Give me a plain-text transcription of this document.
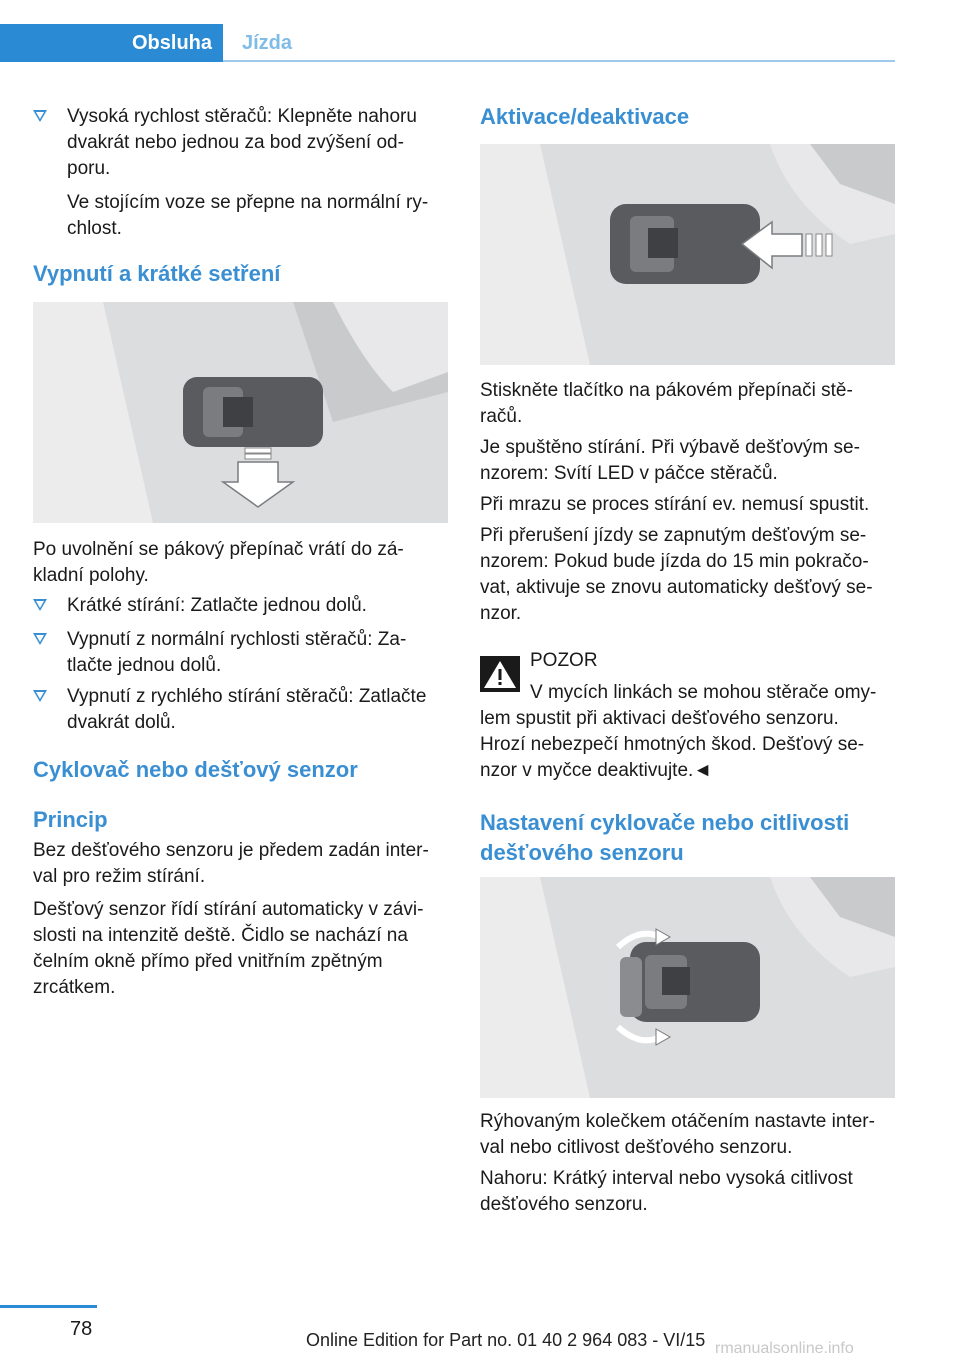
Obsluha Jízda

Vysoká rychlost stěračů: Klepněte nahoru

dvakrát nebo jednou za bod zvýšení od-

poru.

Ve stojícím voze se přepne na normální ry-

chlost.

Vypnutí a krátké setření

Po uvolnění se pákový přepínač vrátí do zá-

kladní polohy.

Krátké stírání: Zatlačte jednou dolů.

Vypnutí z normální rychlosti stěračů: Za-

tlačte jednou dolů.

Vypnutí z rychlého stírání stěračů: Zatlačte

dvakrát dolů.

Cyklovač nebo dešťový senzor
Princip

Bez dešťového senzoru je předem zadán inter-

val pro režim stírání.

Dešťový senzor řídí stírání automaticky v závi-

slosti na intenzitě deště. Čidlo se nachází na

čelním okně přímo před vnitřním zpětným

zrcátkem.

Aktivace/deaktivace

Stiskněte tlačítko na pákovém přepínači stě-

račů.

Je spuštěno stírání. Při výbavě dešťovým se-

nzorem: Svítí LED v páčce stěračů.

Při mrazu se proces stírání ev. nemusí spustit.

Při přerušení jízdy se zapnutým dešťovým se-

nzorem: Pokud bude jízda do 15 min pokračo-

vat, aktivuje se znovu automaticky dešťový se-

nzor.

POZOR

V mycích linkách se mohou stěrače omy-

lem spustit při aktivaci dešťového senzoru.

Hrozí nebezpečí hmotných škod. Dešťový se-

nzor v myčce deaktivujte.◄

Nastavení cyklovače nebo citlivosti

dešťového senzoru

Rýhovaným kolečkem otáčením nastavte inter-

val nebo citlivost dešťového senzoru.

Nahoru: Krátký interval nebo vysoká citlivost

dešťového senzoru.

78	Online Edition for Part no. 01 40 2 964 083 - VI/15 rmanualsonline.info
